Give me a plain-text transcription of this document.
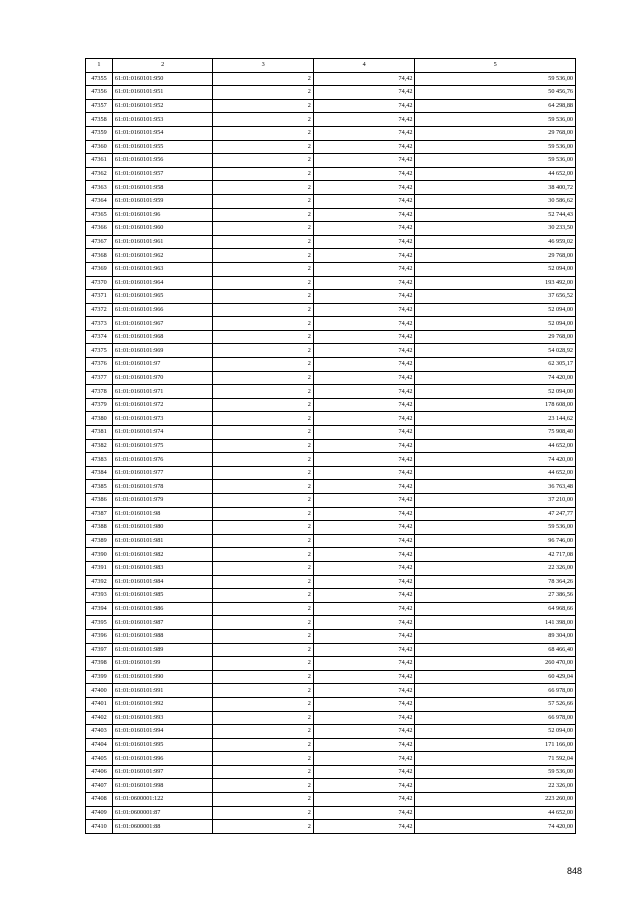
1	2	3	4	5
47355	61:01:0160101:950	2	74,42	59 536,00
47356	61:01:0160101:951	2	74,42	50 456,76
47357	61:01:0160101:952	2	74,42	64 298,88
47358	61:01:0160101:953	2	74,42	59 536,00
47359	61:01:0160101:954	2	74,42	29 768,00
47360	61:01:0160101:955	2	74,42	59 536,00
47361	61:01:0160101:956	2	74,42	59 536,00
47362	61:01:0160101:957	2	74,42	44 652,00
47363	61:01:0160101:958	2	74,42	38 400,72
47364	61:01:0160101:959	2	74,42	30 586,62
47365	61:01:0160101:96	2	74,42	52 744,43
47366	61:01:0160101:960	2	74,42	30 233,50
47367	61:01:0160101:961	2	74,42	46 959,02
47368	61:01:0160101:962	2	74,42	29 768,00
47369	61:01:0160101:963	2	74,42	52 094,00
47370	61:01:0160101:964	2	74,42	193 492,00
47371	61:01:0160101:965	2	74,42	37 656,52
47372	61:01:0160101:966	2	74,42	52 094,00
47373	61:01:0160101:967	2	74,42	52 094,00
47374	61:01:0160101:968	2	74,42	29 768,00
47375	61:01:0160101:969	2	74,42	54 028,92
47376	61:01:0160101:97	2	74,42	62 305,17
47377	61:01:0160101:970	2	74,42	74 420,00
47378	61:01:0160101:971	2	74,42	52 094,00
47379	61:01:0160101:972	2	74,42	178 608,00
47380	61:01:0160101:973	2	74,42	23 144,62
47381	61:01:0160101:974	2	74,42	75 908,40
47382	61:01:0160101:975	2	74,42	44 652,00
47383	61:01:0160101:976	2	74,42	74 420,00
47384	61:01:0160101:977	2	74,42	44 652,00
47385	61:01:0160101:978	2	74,42	36 763,48
47386	61:01:0160101:979	2	74,42	37 210,00
47387	61:01:0160101:98	2	74,42	47 247,77
47388	61:01:0160101:980	2	74,42	59 536,00
47389	61:01:0160101:981	2	74,42	96 746,00
47390	61:01:0160101:982	2	74,42	42 717,08
47391	61:01:0160101:983	2	74,42	22 326,00
47392	61:01:0160101:984	2	74,42	78 364,26
47393	61:01:0160101:985	2	74,42	27 386,56
47394	61:01:0160101:986	2	74,42	64 968,66
47395	61:01:0160101:987	2	74,42	141 398,00
47396	61:01:0160101:988	2	74,42	89 304,00
47397	61:01:0160101:989	2	74,42	68 466,40
47398	61:01:0160101:99	2	74,42	260 470,00
47399	61:01:0160101:990	2	74,42	60 429,04
47400	61:01:0160101:991	2	74,42	66 978,00
47401	61:01:0160101:992	2	74,42	57 526,66
47402	61:01:0160101:993	2	74,42	66 978,00
47403	61:01:0160101:994	2	74,42	52 094,00
47404	61:01:0160101:995	2	74,42	171 166,00
47405	61:01:0160101:996	2	74,42	71 592,04
47406	61:01:0160101:997	2	74,42	59 536,00
47407	61:01:0160101:998	2	74,42	22 326,00
47408	61:01:0600001:122	2	74,42	223 260,00
47409	61:01:0600001:87	2	74,42	44 652,00
47410	61:01:0600001:88	2	74,42	74 420,00
848
